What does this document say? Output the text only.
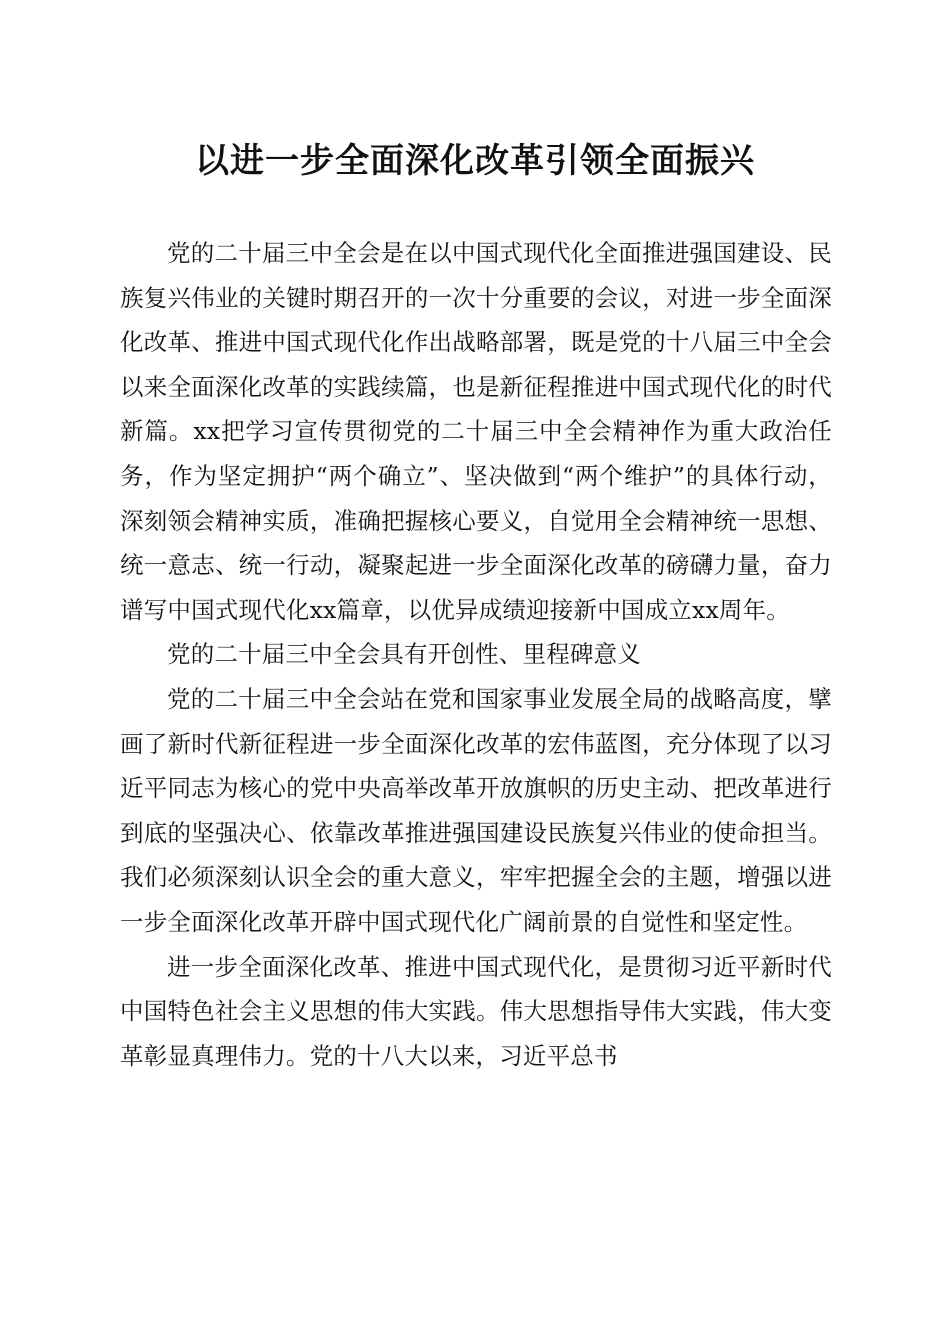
以进一步全面深化改革引领全面振兴

党的二十届三中全会是在以中国式现代化全面推进强国建设、民族复兴伟业的关键时期召开的一次十分重要的会议，对进一步全面深化改革、推进中国式现代化作出战略部署，既是党的十八届三中全会以来全面深化改革的实践续篇，也是新征程推进中国式现代化的时代新篇。xx把学习宣传贯彻党的二十届三中全会精神作为重大政治任务，作为坚定拥护“两个确立”、坚决做到“两个维护”的具体行动，深刻领会精神实质，准确把握核心要义，自觉用全会精神统一思想、统一意志、统一行动，凝聚起进一步全面深化改革的磅礴力量，奋力谱写中国式现代化xx篇章，以优异成绩迎接新中国成立xx周年。

党的二十届三中全会具有开创性、里程碑意义

党的二十届三中全会站在党和国家事业发展全局的战略高度，擘画了新时代新征程进一步全面深化改革的宏伟蓝图，充分体现了以习近平同志为核心的党中央高举改革开放旗帜的历史主动、把改革进行到底的坚强决心、依靠改革推进强国建设民族复兴伟业的使命担当。我们必须深刻认识全会的重大意义，牢牢把握全会的主题，增强以进一步全面深化改革开辟中国式现代化广阔前景的自觉性和坚定性。

进一步全面深化改革、推进中国式现代化，是贯彻习近平新时代中国特色社会主义思想的伟大实践。伟大思想指导伟大实践，伟大变革彰显真理伟力。党的十八大以来，习近平总书
